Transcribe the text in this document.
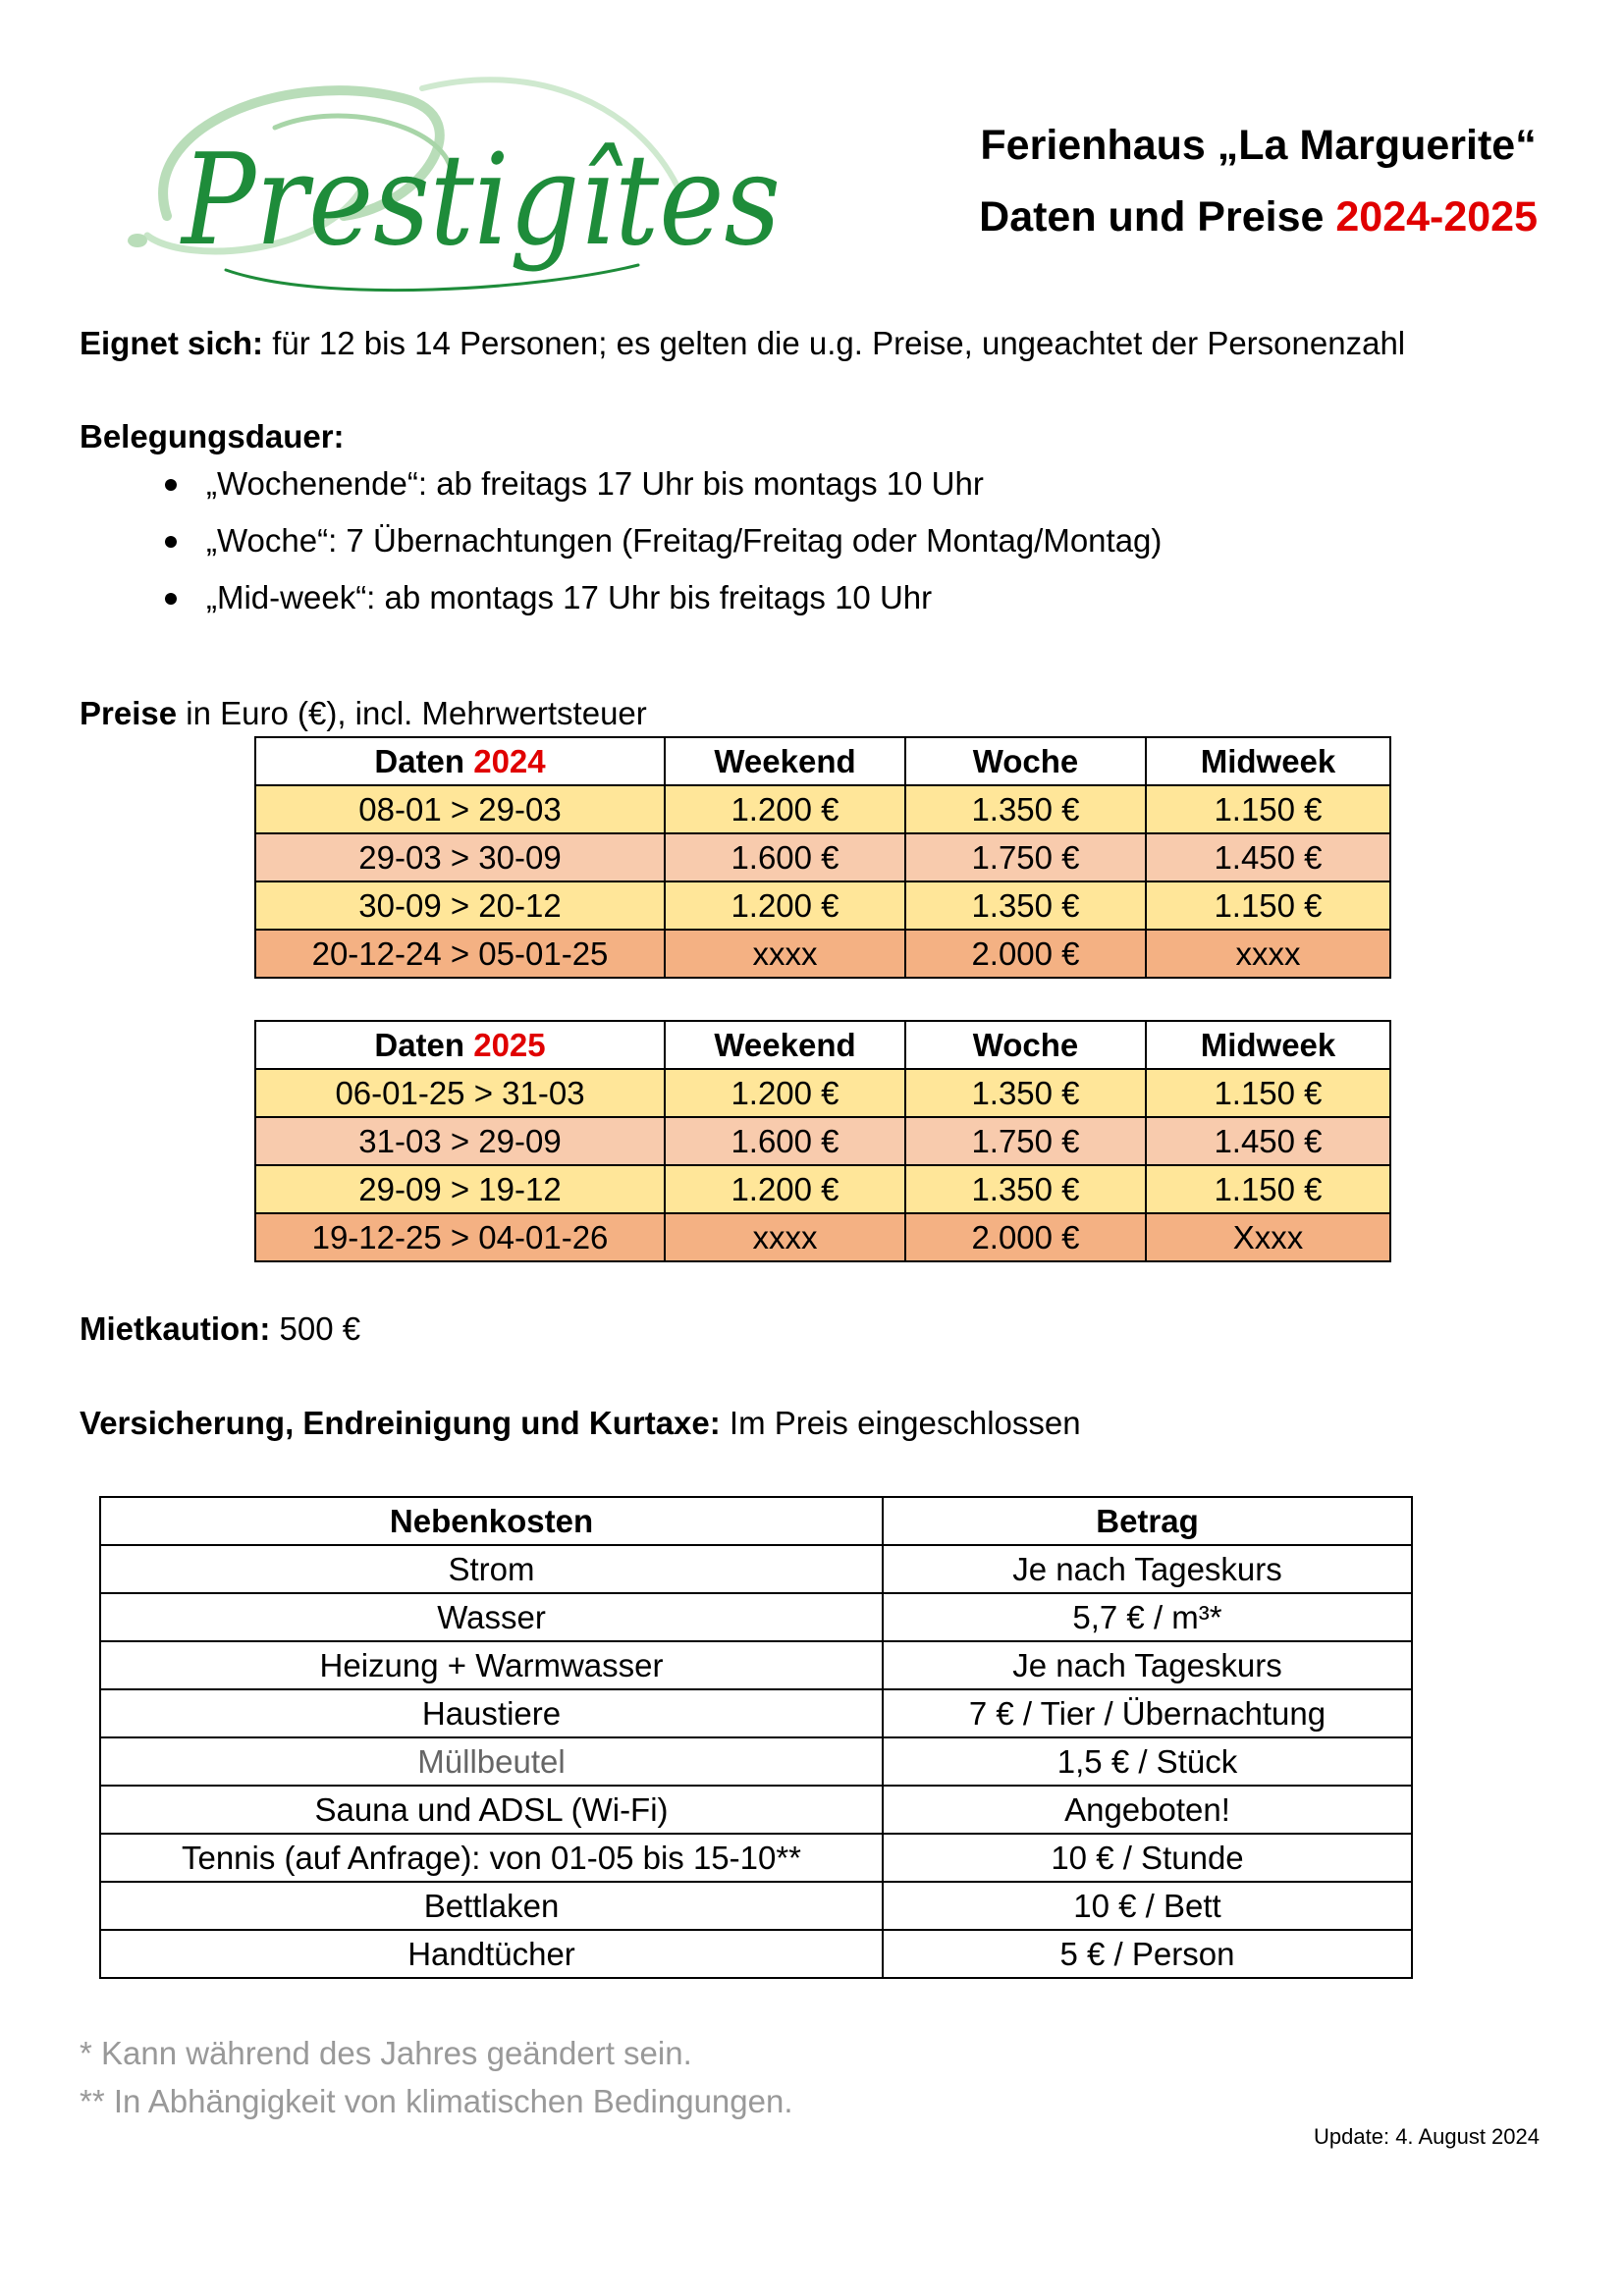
Prestigîtes	Ferienhaus „La Marguerite“
Daten und Preise 2024-2025
Eignet sich: für 12 bis 14 Personen; es gelten die u.g. Preise, ungeachtet der Personenzahl
Belegungsdauer:
„Wochenende“: ab freitags 17 Uhr bis montags 10 Uhr
„Woche“: 7 Übernachtungen (Freitag/Freitag oder Montag/Montag)
„Mid-week“: ab montags 17 Uhr bis freitags 10 Uhr
Preise in Euro (€), incl. Mehrwertsteuer
Daten 2024	Weekend	Woche	Midweek
08-01 > 29-03	1.200 €	1.350 €	1.150 €
29-03 > 30-09	1.600 €	1.750 €	1.450 €
30-09 > 20-12	1.200 €	1.350 €	1.150 €
20-12-24 > 05-01-25	xxxx	2.000 €	xxxx
Daten 2025	Weekend	Woche	Midweek
06-01-25 > 31-03	1.200 €	1.350 €	1.150 €
31-03 > 29-09	1.600 €	1.750 €	1.450 €
29-09 > 19-12	1.200 €	1.350 €	1.150 €
19-12-25 > 04-01-26	xxxx	2.000 €	Xxxx
Mietkaution: 500 €
Versicherung, Endreinigung und Kurtaxe: Im Preis eingeschlossen
Nebenkosten	Betrag
Strom	Je nach Tageskurs
Wasser	5,7 € / m³*
Heizung + Warmwasser	Je nach Tageskurs
Haustiere	7 € / Tier / Übernachtung
Müllbeutel	1,5 € / Stück
Sauna und ADSL (Wi-Fi)	Angeboten!
Tennis (auf Anfrage): von 01-05 bis 15-10**	10 € / Stunde
Bettlaken	10 € / Bett
Handtücher	5 € / Person
* Kann während des Jahres geändert sein.
** In Abhängigkeit von klimatischen Bedingungen.
Update: 4. August 2024
